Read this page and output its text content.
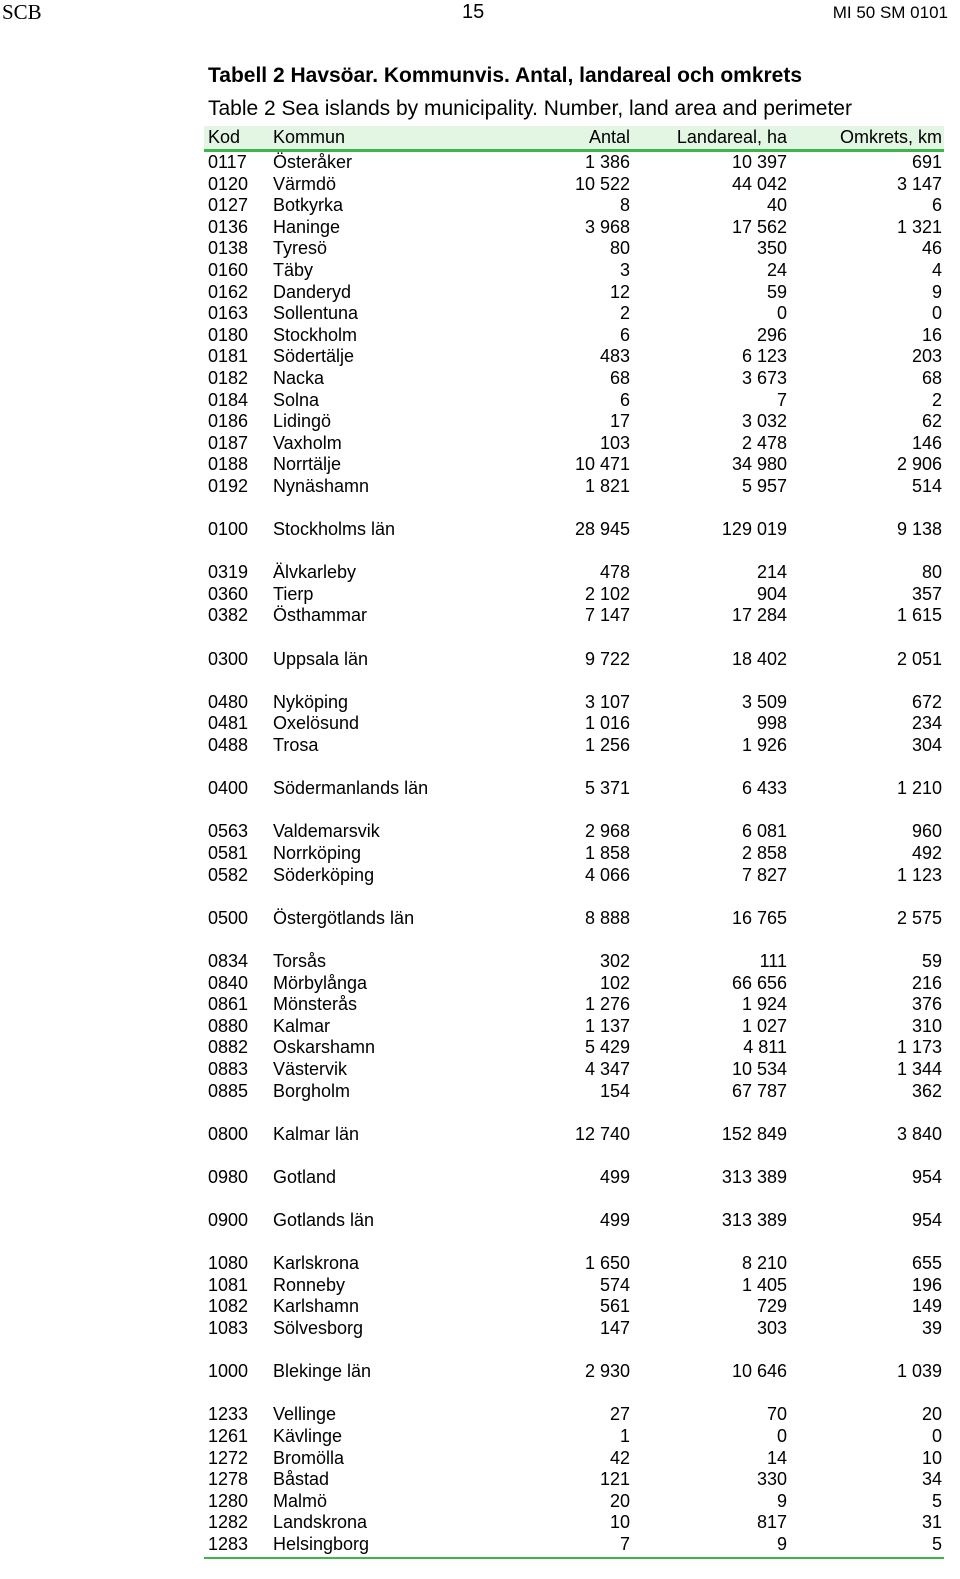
SCB	15	MI 50 SM 0101
Tabell 2 Havsöar. Kommunvis. Antal, landareal och omkrets
Table 2 Sea islands by municipality. Number, land area and perimeter
Kod	Kommun	Antal	Landareal, ha	Omkrets, km
0117	Österåker	1 386	10 397	691
0120	Värmdö	10 522	44 042	3 147
0127	Botkyrka	8	40	6
0136	Haninge	3 968	17 562	1 321
0138	Tyresö	80	350	46
0160	Täby	3	24	4
0162	Danderyd	12	59	9
0163	Sollentuna	2	0	0
0180	Stockholm	6	296	16
0181	Södertälje	483	6 123	203
0182	Nacka	68	3 673	68
0184	Solna	6	7	2
0186	Lidingö	17	3 032	62
0187	Vaxholm	103	2 478	146
0188	Norrtälje	10 471	34 980	2 906
0192	Nynäshamn	1 821	5 957	514
0100	Stockholms län	28 945	129 019	9 138
0319	Älvkarleby	478	214	80
0360	Tierp	2 102	904	357
0382	Östhammar	7 147	17 284	1 615
0300	Uppsala län	9 722	18 402	2 051
0480	Nyköping	3 107	3 509	672
0481	Oxelösund	1 016	998	234
0488	Trosa	1 256	1 926	304
0400	Södermanlands län	5 371	6 433	1 210
0563	Valdemarsvik	2 968	6 081	960
0581	Norrköping	1 858	2 858	492
0582	Söderköping	4 066	7 827	1 123
0500	Östergötlands län	8 888	16 765	2 575
0834	Torsås	302	111	59
0840	Mörbylånga	102	66 656	216
0861	Mönsterås	1 276	1 924	376
0880	Kalmar	1 137	1 027	310
0882	Oskarshamn	5 429	4 811	1 173
0883	Västervik	4 347	10 534	1 344
0885	Borgholm	154	67 787	362
0800	Kalmar län	12 740	152 849	3 840
0980	Gotland	499	313 389	954
0900	Gotlands län	499	313 389	954
1080	Karlskrona	1 650	8 210	655
1081	Ronneby	574	1 405	196
1082	Karlshamn	561	729	149
1083	Sölvesborg	147	303	39
1000	Blekinge län	2 930	10 646	1 039
1233	Vellinge	27	70	20
1261	Kävlinge	1	0	0
1272	Bromölla	42	14	10
1278	Båstad	121	330	34
1280	Malmö	20	9	5
1282	Landskrona	10	817	31
1283	Helsingborg	7	9	5
